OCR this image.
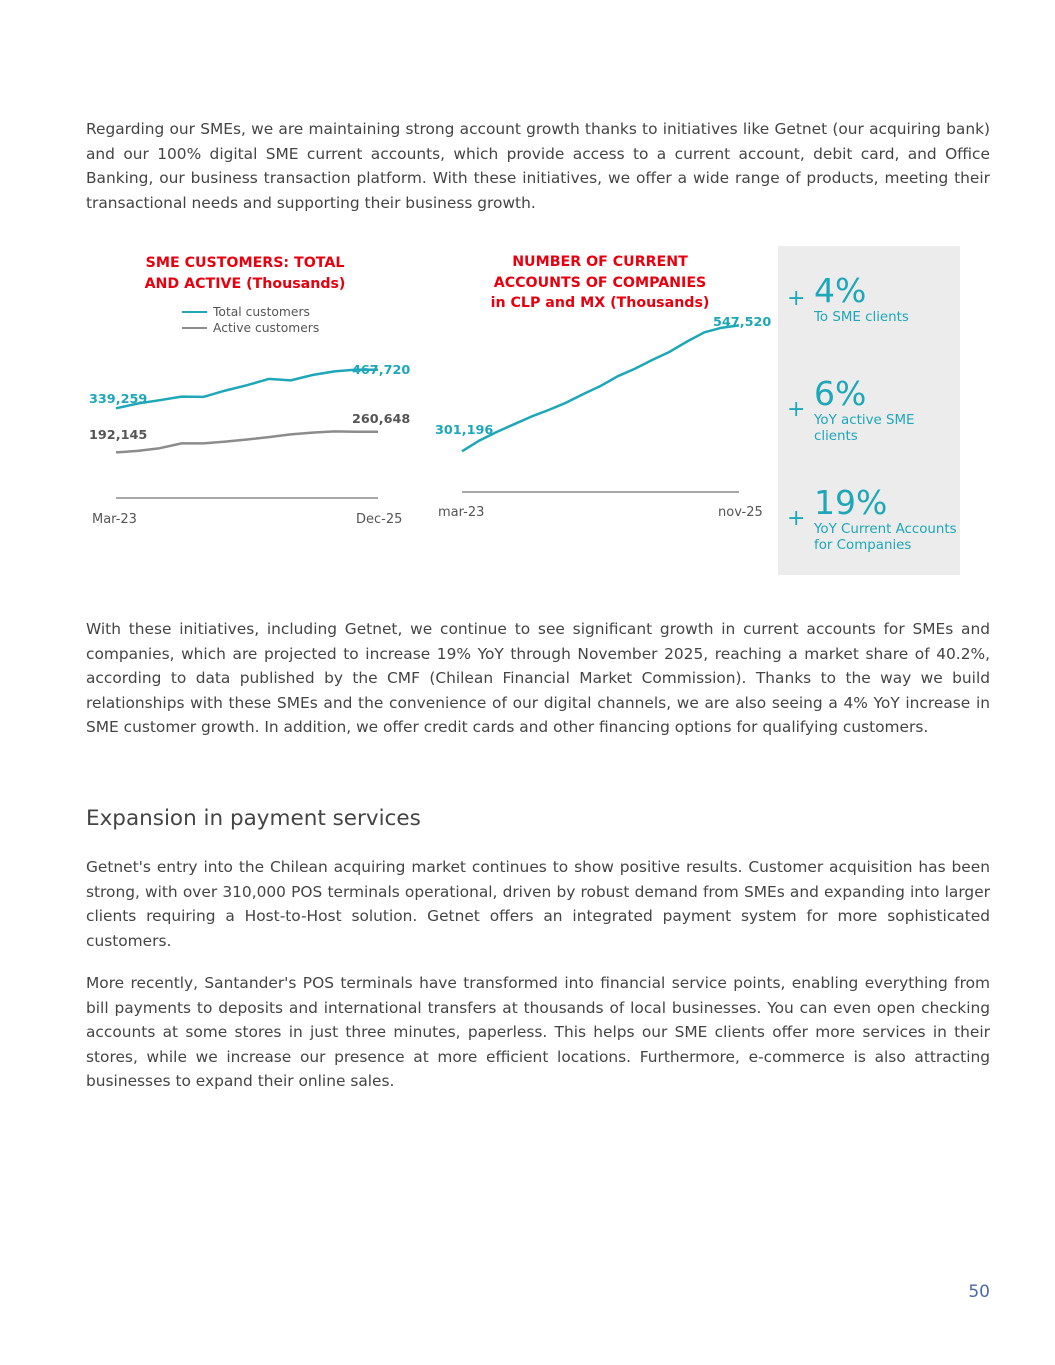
Regarding our SMEs, we are maintaining strong account growth thanks to initiatives like Getnet (our acquiring bank) and our 100% digital SME current accounts, which provide access to a current account, debit card, and Office Banking, our business transaction platform. With these initiatives, we offer a wide range of products, meeting their transactional needs and supporting their business growth.

SME CUSTOMERS: TOTAL
AND ACTIVE (Thousands)

Total customers
Active customers
339,259
467,720
192,145
260,648
Mar-23	Dec-25

NUMBER OF CURRENT
ACCOUNTS OF COMPANIES
in CLP and MX (Thousands)

301,196
547,520
mar-23	nov-25
+ 4%
To SME clients
+ 6%
YoY active SME clients
+ 19%
YoY Current Accounts for Companies

With these initiatives, including Getnet, we continue to see significant growth in current accounts for SMEs and companies, which are projected to increase 19% YoY through November 2025, reaching a market share of 40.2%, according to data published by the CMF (Chilean Financial Market Commission). Thanks to the way we build relationships with these SMEs and the convenience of our digital channels, we are also seeing a 4% YoY increase in SME customer growth. In addition, we offer credit cards and other financing options for qualifying customers.

Expansion in payment services

Getnet's entry into the Chilean acquiring market continues to show positive results. Customer acquisition has been strong, with over 310,000 POS terminals operational, driven by robust demand from SMEs and expanding into larger clients requiring a Host-to-Host solution. Getnet offers an integrated payment system for more sophisticated customers.

More recently, Santander's POS terminals have transformed into financial service points, enabling everything from bill payments to deposits and international transfers at thousands of local businesses. You can even open checking accounts at some stores in just three minutes, paperless. This helps our SME clients offer more services in their stores, while we increase our presence at more efficient locations. Furthermore, e-commerce is also attracting businesses to expand their online sales.

50
